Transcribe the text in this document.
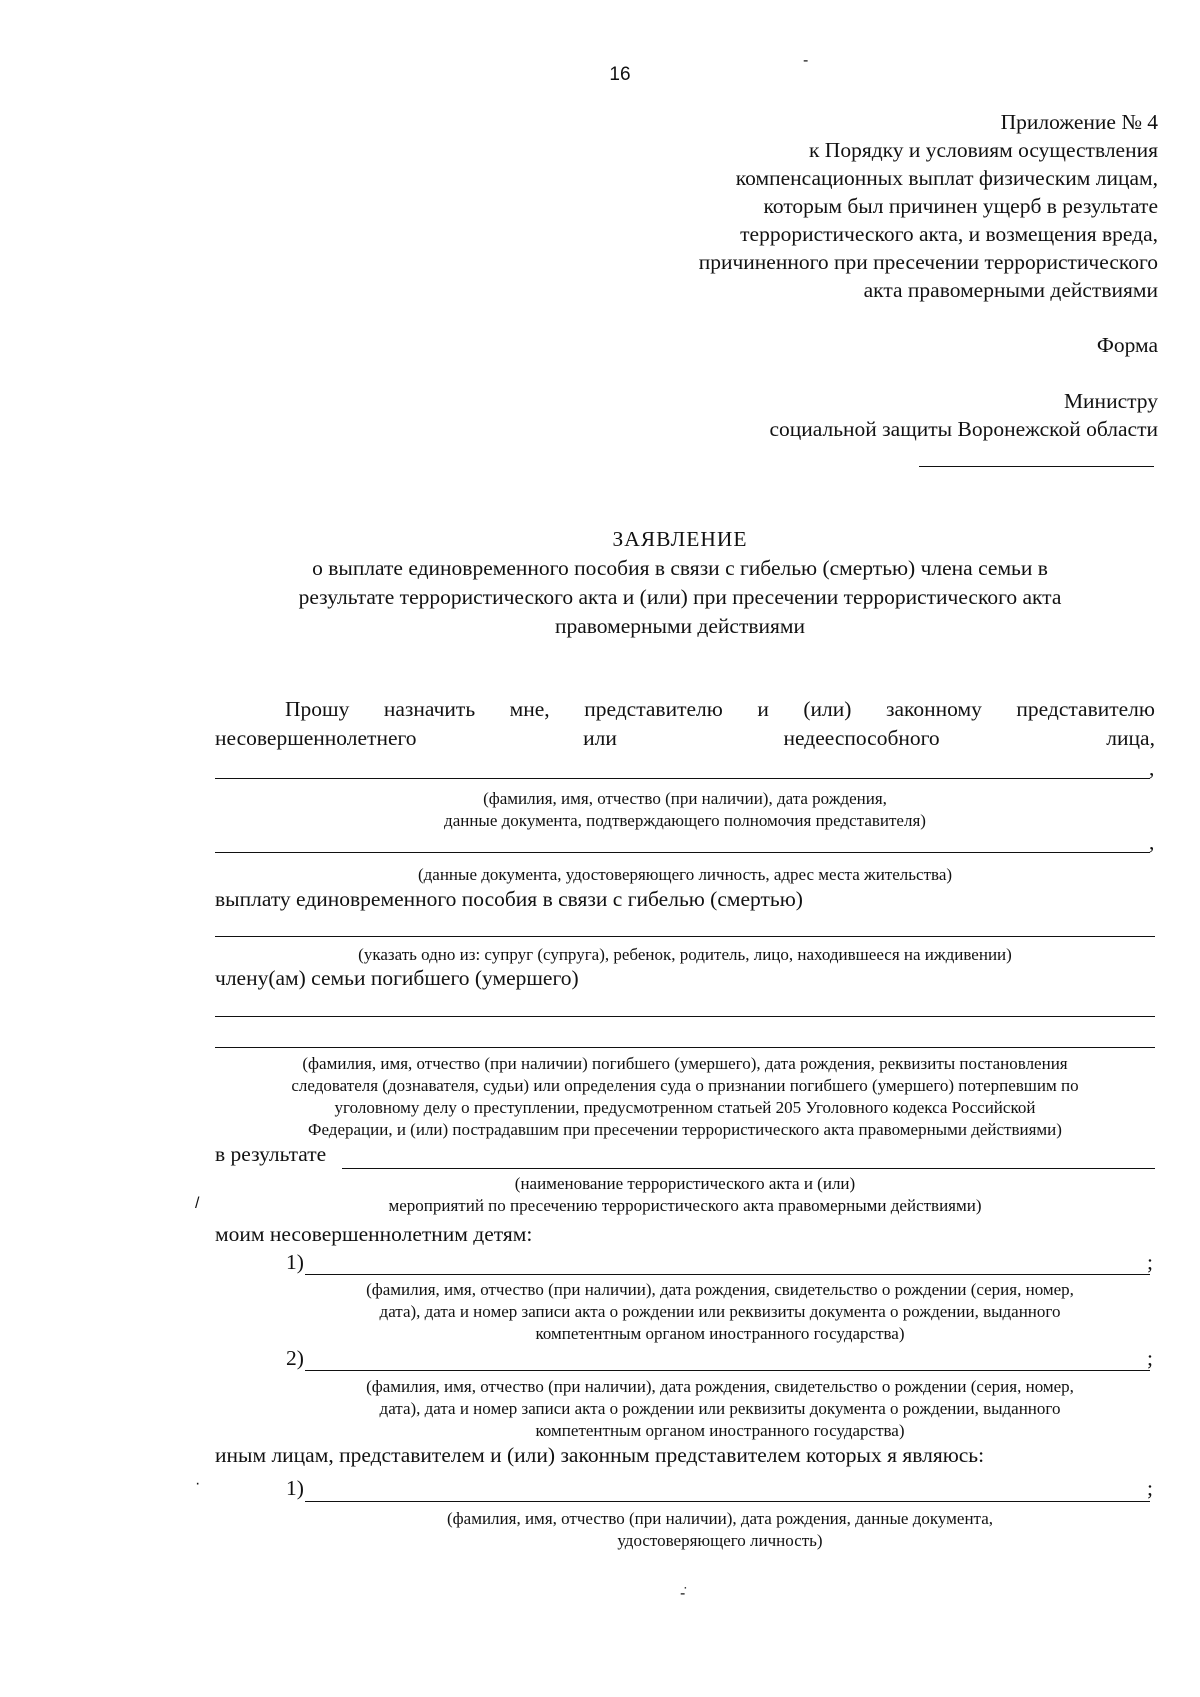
16
-
Приложение № 4
к Порядку и условиям осуществления
компенсационных выплат физическим лицам,
которым был причинен ущерб в результате
террористического акта, и возмещения вреда,
причиненного при пресечении террористического
акта правомерными действиями
Форма
Министру
социальной защиты Воронежской области
ЗАЯВЛЕНИЕ
о выплате единовременного пособия в связи с гибелью (смертью) члена семьи в
результате террористического акта и (или) при пресечении террористического акта
правомерными действиями
Прошу назначить мне, представителю и (или) законному представителю
несовершеннолетнего	или	недееспособного	лица,
,
(фамилия, имя, отчество (при наличии), дата рождения,
данные документа, подтверждающего полномочия представителя)
,
(данные документа, удостоверяющего личность, адрес места жительства)
выплату единовременного пособия в связи с гибелью (смертью)
(указать одно из: супруг (супруга), ребенок, родитель, лицо, находившееся на иждивении)
члену(ам) семьи погибшего (умершего)
(фамилия, имя, отчество (при наличии) погибшего (умершего), дата рождения, реквизиты постановления
следователя (дознавателя, судьи) или определения суда о признании погибшего (умершего) потерпевшим по
уголовному делу о преступлении, предусмотренном статьей 205 Уголовного кодекса Российской
Федерации, и (или) пострадавшим при пресечении террористического акта правомерными действиями)
в результате
(наименование террористического акта и (или)
мероприятий по пресечению террористического акта правомерными действиями)
/
моим несовершеннолетним детям:
1)	;
(фамилия, имя, отчество (при наличии), дата рождения, свидетельство о рождении (серия, номер,
дата), дата и номер записи акта о рождении или реквизиты документа о рождении, выданного
компетентным органом иностранного государства)
2)	;
(фамилия, имя, отчество (при наличии), дата рождения, свидетельство о рождении (серия, номер,
дата), дата и номер записи акта о рождении или реквизиты документа о рождении, выданного
компетентным органом иностранного государства)
иным лицам, представителем и (или) законным представителем которых я являюсь:
·	1)	;
(фамилия, имя, отчество (при наличии), дата рождения, данные документа,
удостоверяющего личность)
-̇
